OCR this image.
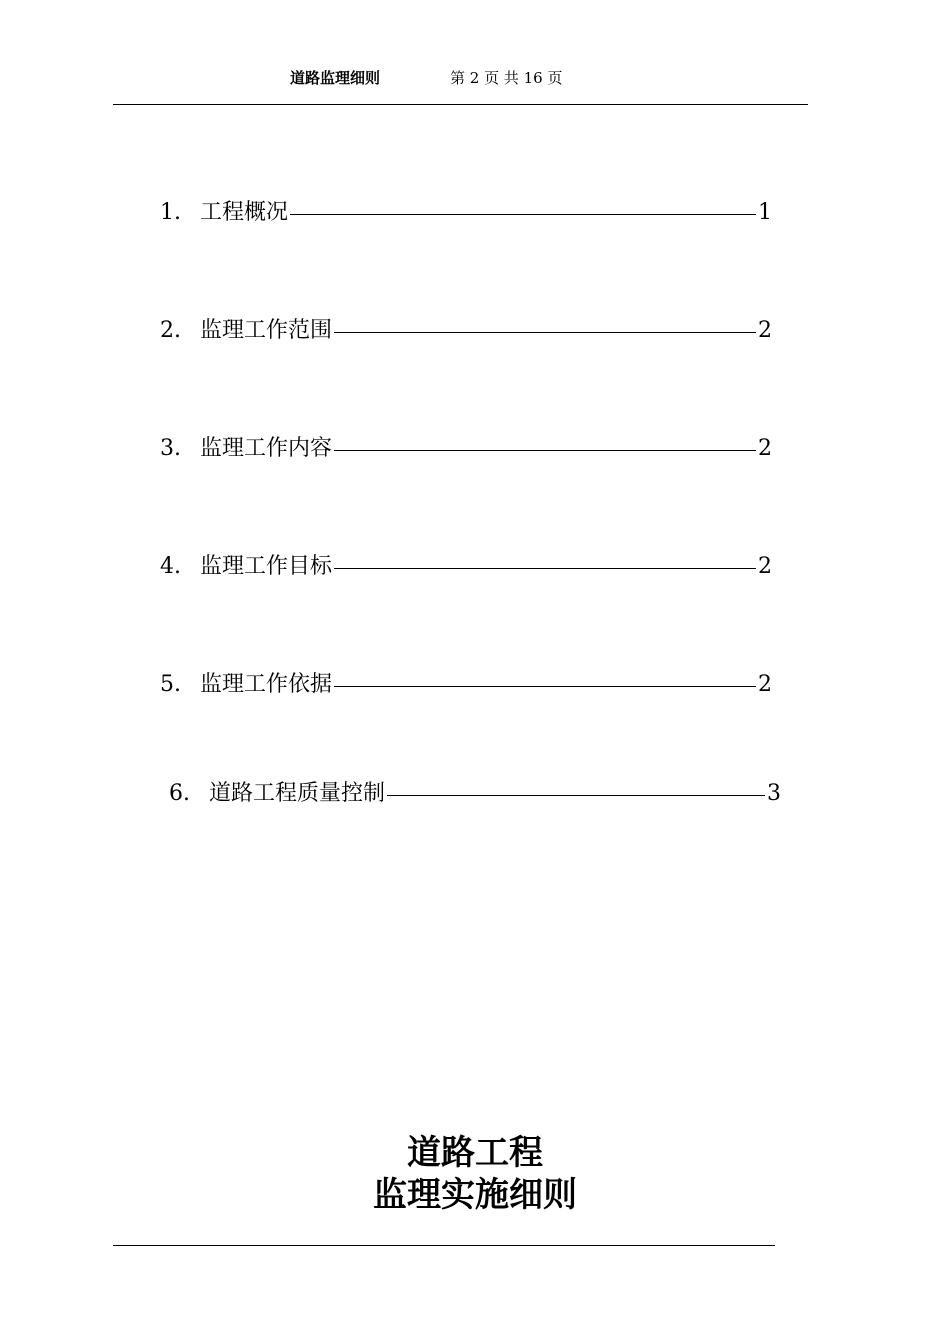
道路监理细则	第 2 页 共 16 页
1. 工程概况	1
2. 监理工作范围	2
3. 监理工作内容	2
4. 监理工作目标	2
5. 监理工作依据	2
6. 道路工程质量控制	3
道路工程
监理实施细则
